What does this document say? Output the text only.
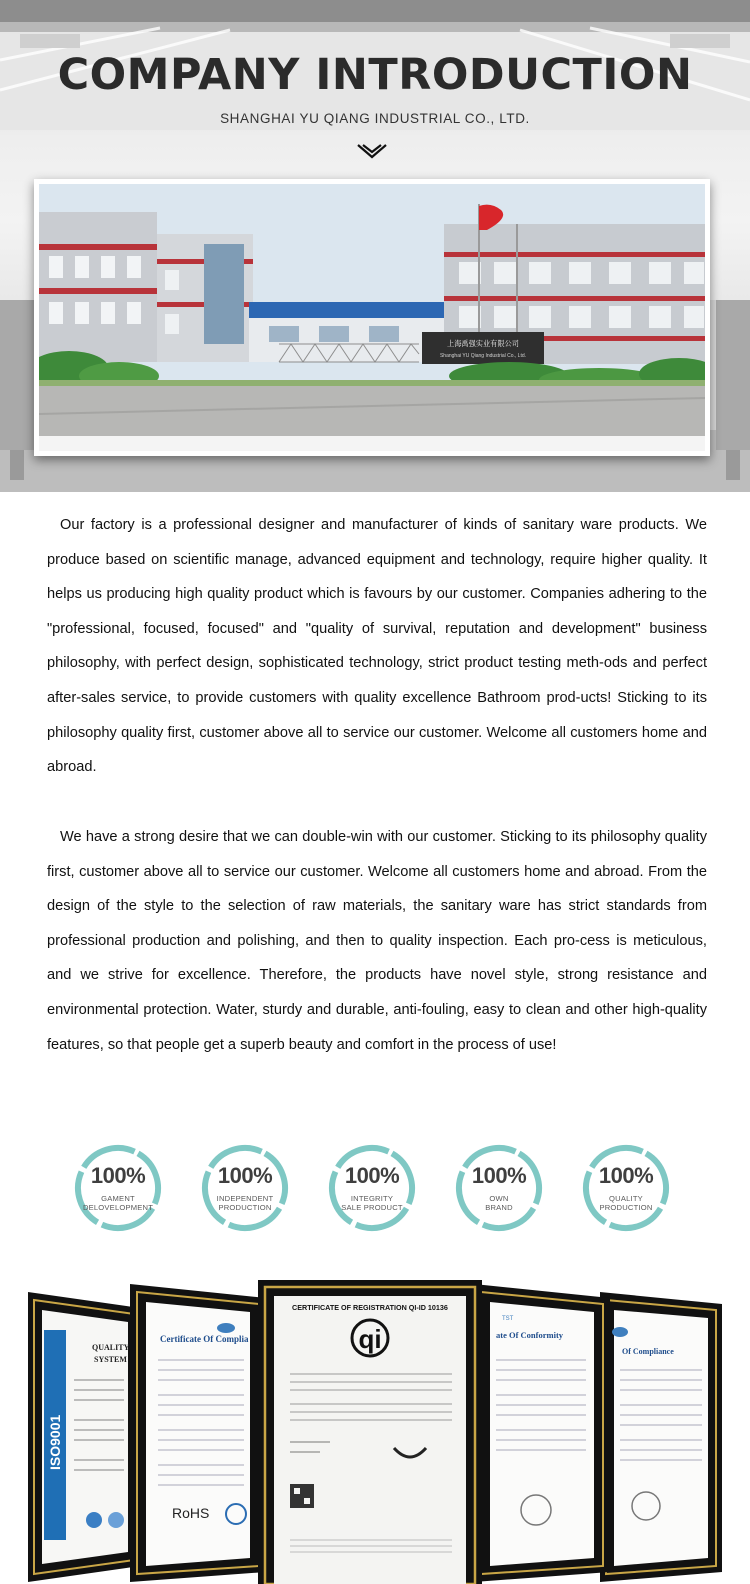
COMPANY INTRODUCTION
SHANGHAI YU QIANG INDUSTRIAL CO., LTD.
上海禹强实业有限公司
Shanghai YU Qiang Industrial Co., Ltd.

Our factory is a professional designer and manufacturer of kinds of sanitary ware products. We produce based on scientific manage, advanced equipment and technology, require higher quality. It helps us producing high quality product which is favours by our customer. Companies adhering to the "professional, focused, focused" and "quality of survival, reputation and development" business philosophy, with perfect design, sophisticated technology, strict product testing meth-ods and perfect after-sales service, to provide customers with quality excellence Bathroom prod-ucts! Sticking to its philosophy quality first, customer above all to service our customer. Welcome all customers home and abroad.

We have a strong desire that we can double-win with our customer. Sticking to its philosophy quality first, customer above all to service our customer. Welcome all customers home and abroad. From the design of the style to the selection of raw materials, the sanitary ware has strict standards from professional production and polishing, and then to quality inspection. Each pro-cess is meticulous, and we strive for excellence. Therefore, the products have novel style, strong resistance and environmental protection. Water, sturdy and durable, anti-fouling, easy to clean and other high-quality features, so that people get a superb beauty and comfort in the process of use!

100%
GAMENT
DELOVELOPMENT
100%
INDEPENDENT
PRODUCTION
100%
INTEGRITY
SALE PRODUCT
100%
OWN
BRAND
100%
QUALITY
PRODUCTION
ISO9001
QUALITY
SYSTEM
Certificate Of Complia
RoHS
Of Compliance
ate Of Conformity
TST
CERTIFICATE OF REGISTRATION QI-ID 10136
qi
